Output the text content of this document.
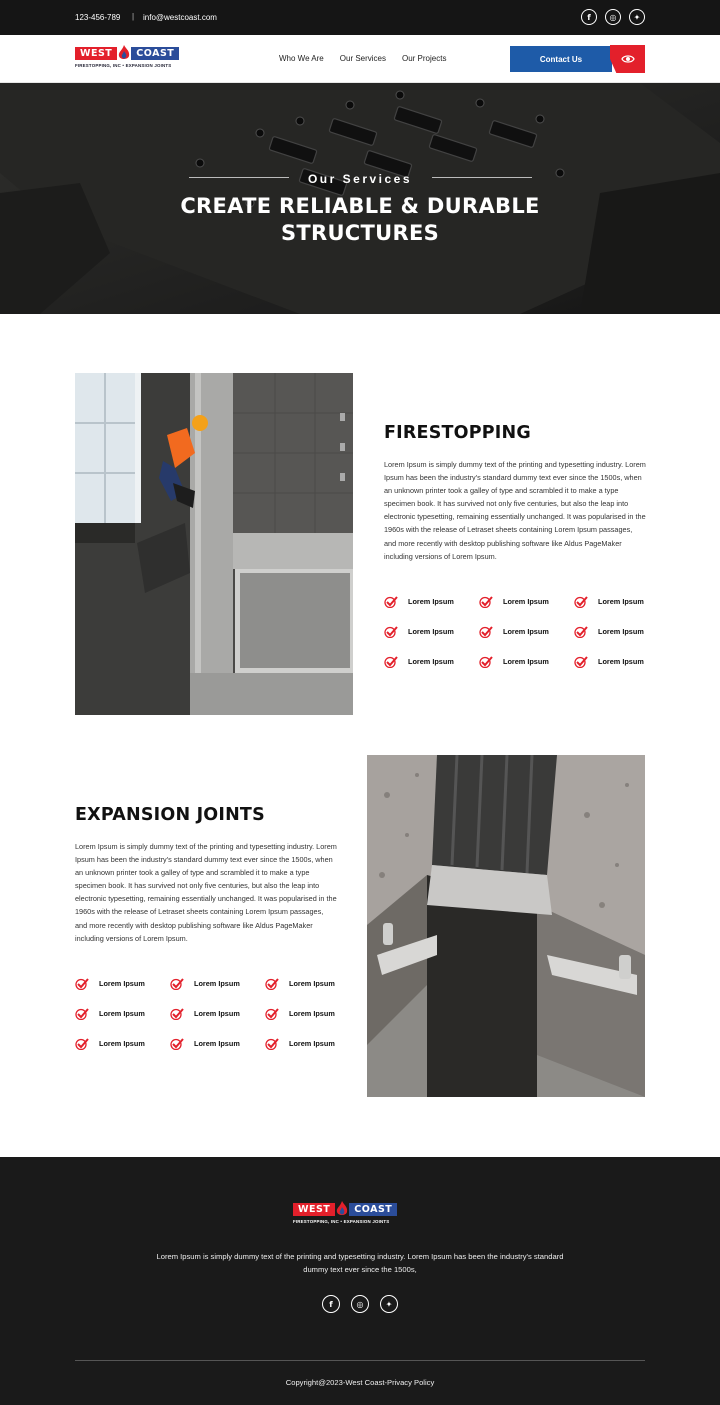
123-456-789 | info@westcoast.com	f	◎	✦
WEST	COAST
FIRESTOPPING, INC • EXPANSION JOINTS
Who We Are Our Services Our Projects	Contact Us
Our Services
CREATE RELIABLE & DURABLE STRUCTURES
FIRESTOPPING
Lorem Ipsum is simply dummy text of the printing and typesetting industry. Lorem Ipsum has been the industry's standard dummy text ever since the 1500s, when an unknown printer took a galley of type and scrambled it to make a type specimen book. It has survived not only five centuries, but also the leap into electronic typesetting, remaining essentially unchanged. It was popularised in the 1960s with the release of Letraset sheets containing Lorem Ipsum passages, and more recently with desktop publishing software like Aldus PageMaker including versions of Lorem Ipsum.
Lorem Ipsum	Lorem Ipsum	Lorem Ipsum
Lorem Ipsum	Lorem Ipsum	Lorem Ipsum
Lorem Ipsum	Lorem Ipsum	Lorem Ipsum
EXPANSION JOINTS
Lorem Ipsum is simply dummy text of the printing and typesetting industry. Lorem Ipsum has been the industry's standard dummy text ever since the 1500s, when an unknown printer took a galley of type and scrambled it to make a type specimen book. It has survived not only five centuries, but also the leap into electronic typesetting, remaining essentially unchanged. It was popularised in the 1960s with the release of Letraset sheets containing Lorem Ipsum passages, and more recently with desktop publishing software like Aldus PageMaker including versions of Lorem Ipsum.
Lorem Ipsum	Lorem Ipsum	Lorem Ipsum
Lorem Ipsum	Lorem Ipsum	Lorem Ipsum
Lorem Ipsum	Lorem Ipsum	Lorem Ipsum
WEST	COAST
FIRESTOPPING, INC • EXPANSION JOINTS
Lorem Ipsum is simply dummy text of the printing and typesetting industry. Lorem Ipsum has been the industry's standard dummy text ever since the 1500s,
f	◎	✦
Copyright@2023-West Coast-Privacy Policy
